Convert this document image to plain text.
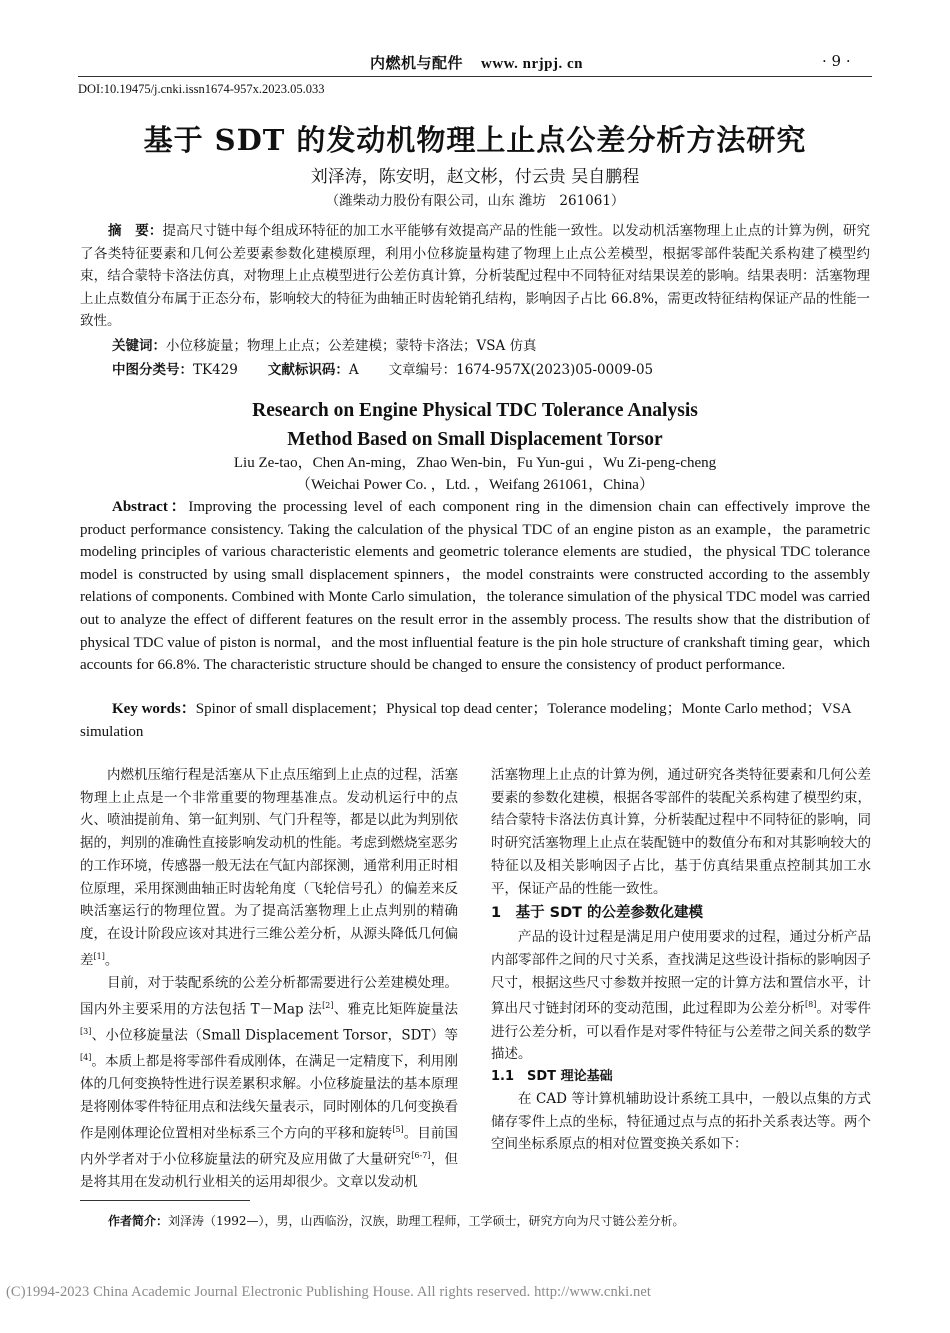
内燃机与配件 www. nrjpj. cn	· 9 ·
DOI:10.19475/j.cnki.issn1674-957x.2023.05.033
基于 SDT 的发动机物理上止点公差分析方法研究
刘泽涛，陈安明，赵文彬，付云贵 吴自鹏程
（潍柴动力股份有限公司，山东 潍坊　261061）
摘　要：提高尺寸链中每个组成环特征的加工水平能够有效提高产品的性能一致性。以发动机活塞物理上止点的计算为例，研究了各类特征要素和几何公差要素参数化建模原理，利用小位移旋量构建了物理上止点公差模型，根据零部件装配关系构建了模型约束，结合蒙特卡洛法仿真，对物理上止点模型进行公差仿真计算，分析装配过程中不同特征对结果误差的影响。结果表明：活塞物理上止点数值分布属于正态分布，影响较大的特征为曲轴正时齿轮销孔结构，影响因子占比 66.8%，需更改特征结构保证产品的性能一致性。
关键词：小位移旋量；物理上止点；公差建模；蒙特卡洛法；VSA 仿真
中图分类号：TK429 文献标识码：A 文章编号：1674-957X(2023)05-0009-05
Research on Engine Physical TDC Tolerance Analysis
Method Based on Small Displacement Torsor
Liu Ze-tao，Chen An-ming，Zhao Wen-bin，Fu Yun-gui ，Wu Zi-peng-cheng
（Weichai Power Co. ，Ltd. ，Weifang 261061，China）
Abstract：Improving the processing level of each component ring in the dimension chain can effectively improve the product performance consistency. Taking the calculation of the physical TDC of an engine piston as an example，the parametric modeling principles of various characteristic elements and geometric tolerance elements are studied，the physical TDC tolerance model is constructed by using small displacement spinners，the model constraints were constructed according to the assembly relations of components. Combined with Monte Carlo simulation，the tolerance simulation of the physical TDC model was carried out to analyze the effect of different features on the result error in the assembly process. The results show that the distribution of physical TDC value of piston is normal，and the most influential feature is the pin hole structure of crankshaft timing gear，which accounts for 66.8%. The characteristic structure should be changed to ensure the consistency of product performance.
Key words：Spinor of small displacement；Physical top dead center；Tolerance modeling；Monte Carlo method；VSA simulation

内燃机压缩行程是活塞从下止点压缩到上止点的过程，活塞物理上止点是一个非常重要的物理基准点。发动机运行中的点火、喷油提前角、第一缸判别、气门升程等，都是以此为判别依据的，判别的准确性直接影响发动机的性能。考虑到燃烧室恶劣的工作环境，传感器一般无法在气缸内部探测，通常利用正时相位原理，采用探测曲轴正时齿轮角度（飞轮信号孔）的偏差来反映活塞运行的物理位置。为了提高活塞物理上止点判别的精确度，在设计阶段应该对其进行三维公差分析，从源头降低几何偏差[1]。

目前，对于装配系统的公差分析都需要进行公差建模处理。国内外主要采用的方法包括 T－Map 法[2]、雅克比矩阵旋量法[3]、小位移旋量法（Small Displacement Torsor，SDT）等[4]。本质上都是将零部件看成刚体，在满足一定精度下，利用刚体的几何变换特性进行误差累积求解。小位移旋量法的基本原理是将刚体零件特征用点和法线矢量表示，同时刚体的几何变换看作是刚体理论位置相对坐标系三个方向的平移和旋转[5]。目前国内外学者对于小位移旋量法的研究及应用做了大量研究[6-7]，但是将其用在发动机行业相关的运用却很少。文章以发动机

活塞物理上止点的计算为例，通过研究各类特征要素和几何公差要素的参数化建模，根据各零部件的装配关系构建了模型约束，结合蒙特卡洛法仿真计算，分析装配过程中不同特征的影响，同时研究活塞物理上止点在装配链中的数值分布和对其影响较大的特征以及相关影响因子占比，基于仿真结果重点控制其加工水平，保证产品的性能一致性。

1　基于 SDT 的公差参数化建模

产品的设计过程是满足用户使用要求的过程，通过分析产品内部零部件之间的尺寸关系，查找满足这些设计指标的影响因子尺寸，根据这些尺寸参数并按照一定的计算方法和置信水平，计算出尺寸链封闭环的变动范围，此过程即为公差分析[8]。对零件进行公差分析，可以看作是对零件特征与公差带之间关系的数学描述。

1.1　SDT 理论基础

在 CAD 等计算机辅助设计系统工具中，一般以点集的方式储存零件上点的坐标，特征通过点与点的拓扑关系表达等。两个空间坐标系原点的相对位置变换关系如下：

作者简介：刘泽涛（1992—），男，山西临汾，汉族，助理工程师，工学硕士，研究方向为尺寸链公差分析。
(C)1994-2023 China Academic Journal Electronic Publishing House. All rights reserved. http://www.cnki.net
